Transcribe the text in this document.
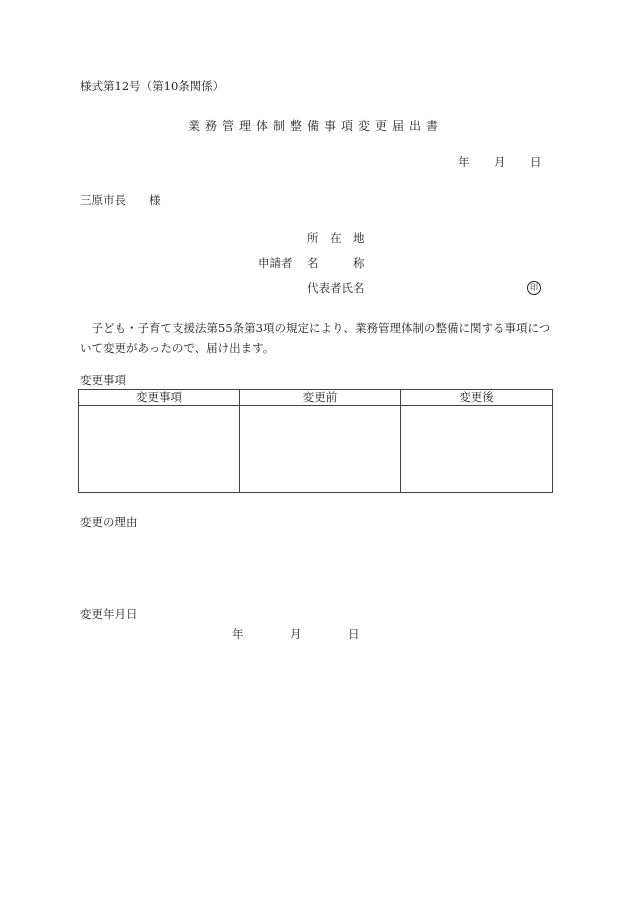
様式第12号（第10条関係）
業務管理体制整備事項変更届出書
年 月 日
三原市長 様
所　在　地
申請者 名　　　称
代表者氏名	印
　子ども・子育て支援法第55条第3項の規定により、業務管理体制の整備に関する事項について変更があったので、届け出ます。
変更事項
変更事項	変更前	変更後

変更の理由
変更年月日
年	月	日
